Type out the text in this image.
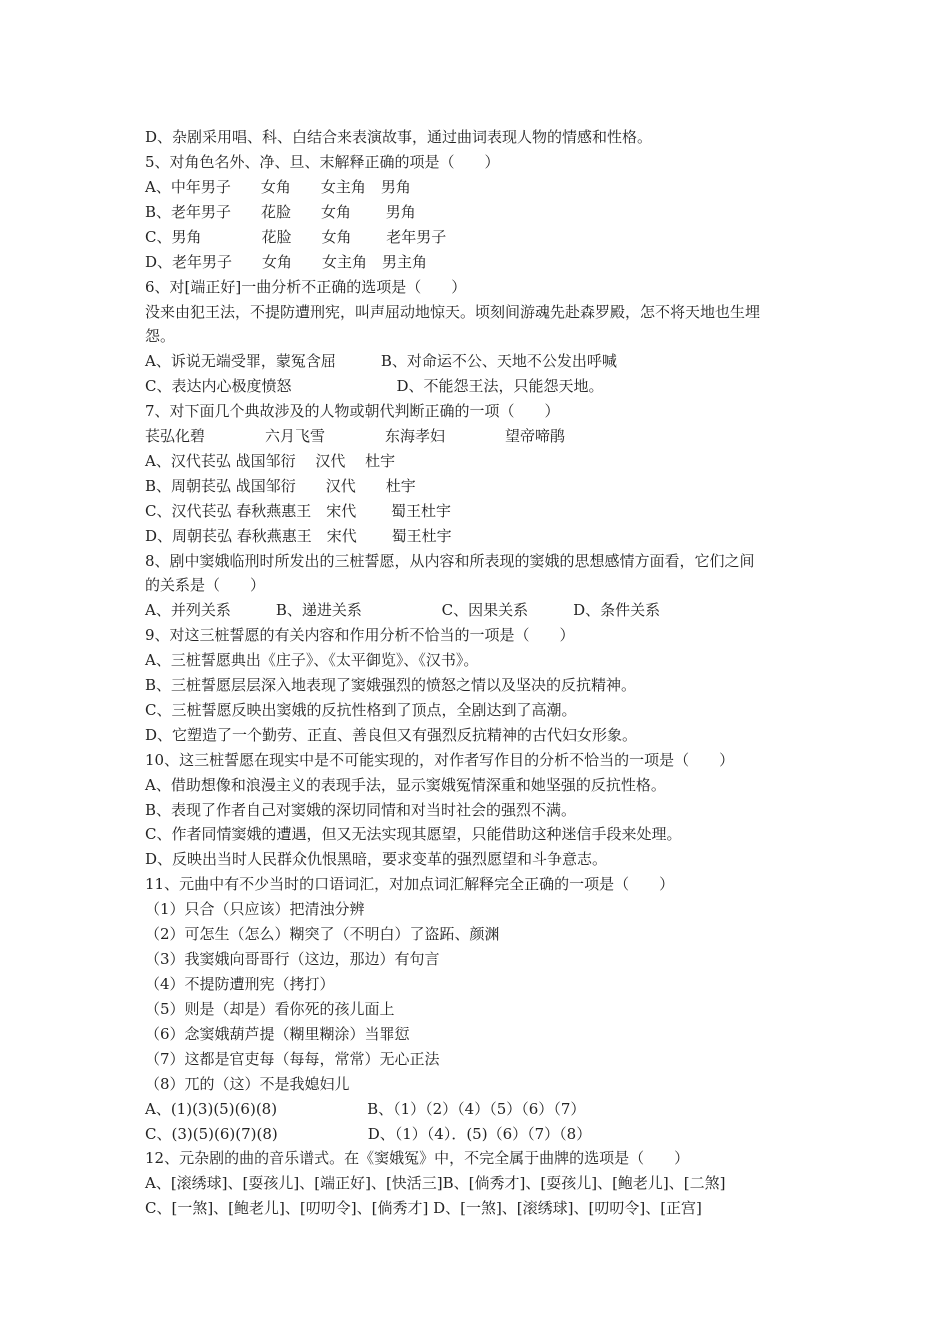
D、杂剧采用唱、科、白结合来表演故事，通过曲词表现人物的情感和性格。
5、对角色名外、净、旦、末解释正确的项是（　　）
A、中年男子　　女角　　女主角　男角
B、老年男子　　花脸　　女角　　 男角
C、男角　　　　花脸　　女角　　 老年男子
D、老年男子　　女角　　女主角　男主角
6、对[端正好]一曲分析不正确的选项是（　　）
没来由犯王法，不提防遭刑宪，叫声屈动地惊天。顷刻间游魂先赴森罗殿，怎不将天地也生埋
怨。
A、诉说无端受罪，蒙冤含屈　　　B、对命运不公、天地不公发出呼喊
C、表达内心极度愤怒　　　　　　　D、不能怨王法，只能怨天地。
7、对下面几个典故涉及的人物或朝代判断正确的一项（　　）
苌弘化碧　　　　六月飞雪　　　　东海孝妇　　　　望帝啼鹃
A、汉代苌弘 战国邹衍　 汉代　 杜宇
B、周朝苌弘 战国邹衍　　汉代　　杜宇
C、汉代苌弘 春秋燕惠王　宋代　　 蜀王杜宇
D、周朝苌弘 春秋燕惠王　宋代　　 蜀王杜宇
8、剧中窦娥临刑时所发出的三桩誓愿，从内容和所表现的窦娥的思想感情方面看，它们之间
的关系是（　　）
A、并列关系　　　B、递进关系　　　　　 C、因果关系　　　D、条件关系
9、对这三桩誓愿的有关内容和作用分析不恰当的一项是（　　）
A、三桩誓愿典出《庄子》、《太平御览》、《汉书》。
B、三桩誓愿层层深入地表现了窦娥强烈的愤怒之情以及坚决的反抗精神。
C、三桩誓愿反映出窦娥的反抗性格到了顶点，全剧达到了高潮。
D、它塑造了一个勤劳、正直、善良但又有强烈反抗精神的古代妇女形象。
10、这三桩誓愿在现实中是不可能实现的，对作者写作目的分析不恰当的一项是（　　）
A、借助想像和浪漫主义的表现手法，显示窦娥冤情深重和她坚强的反抗性格。
B、表现了作者自己对窦娥的深切同情和对当时社会的强烈不满。
C、作者同情窦娥的遭遇，但又无法实现其愿望，只能借助这种迷信手段来处理。
D、反映出当时人民群众仇恨黑暗，要求变革的强烈愿望和斗争意志。
11、元曲中有不少当时的口语词汇，对加点词汇解释完全正确的一项是（　　）
（1）只合（只应该）把清浊分辨
（2）可怎生（怎么）糊突了（不明白）了盗跖、颜渊
（3）我窦娥向哥哥行（这边，那边）有句言
（4）不提防遭刑宪（拷打）
（5）则是（却是）看你死的孩儿面上
（6）念窦娥葫芦提（糊里糊涂）当罪愆
（7）这都是官吏每（每每，常常）无心正法
（8）兀的（这）不是我媳妇儿
A、(1)(3)(5)(6)(8)　　　　　　B、（1）（2）（4）（5）（6）（7）
C、(3)(5)(6)(7)(8)　　　　　　D、（1）（4）．(5)（6）（7）（8）
12、元杂剧的曲的音乐谱式。在《窦娥冤》中，不完全属于曲牌的选项是（　　）
A、[滚绣球]、[耍孩儿]、[端正好]、[快活三]B、[倘秀才]、[耍孩儿]、[鲍老儿]、[二煞]
C、[一煞]、[鲍老儿]、[叨叨令]、[倘秀才] D、[一煞]、[滚绣球]、[叨叨令]、[正宫]
